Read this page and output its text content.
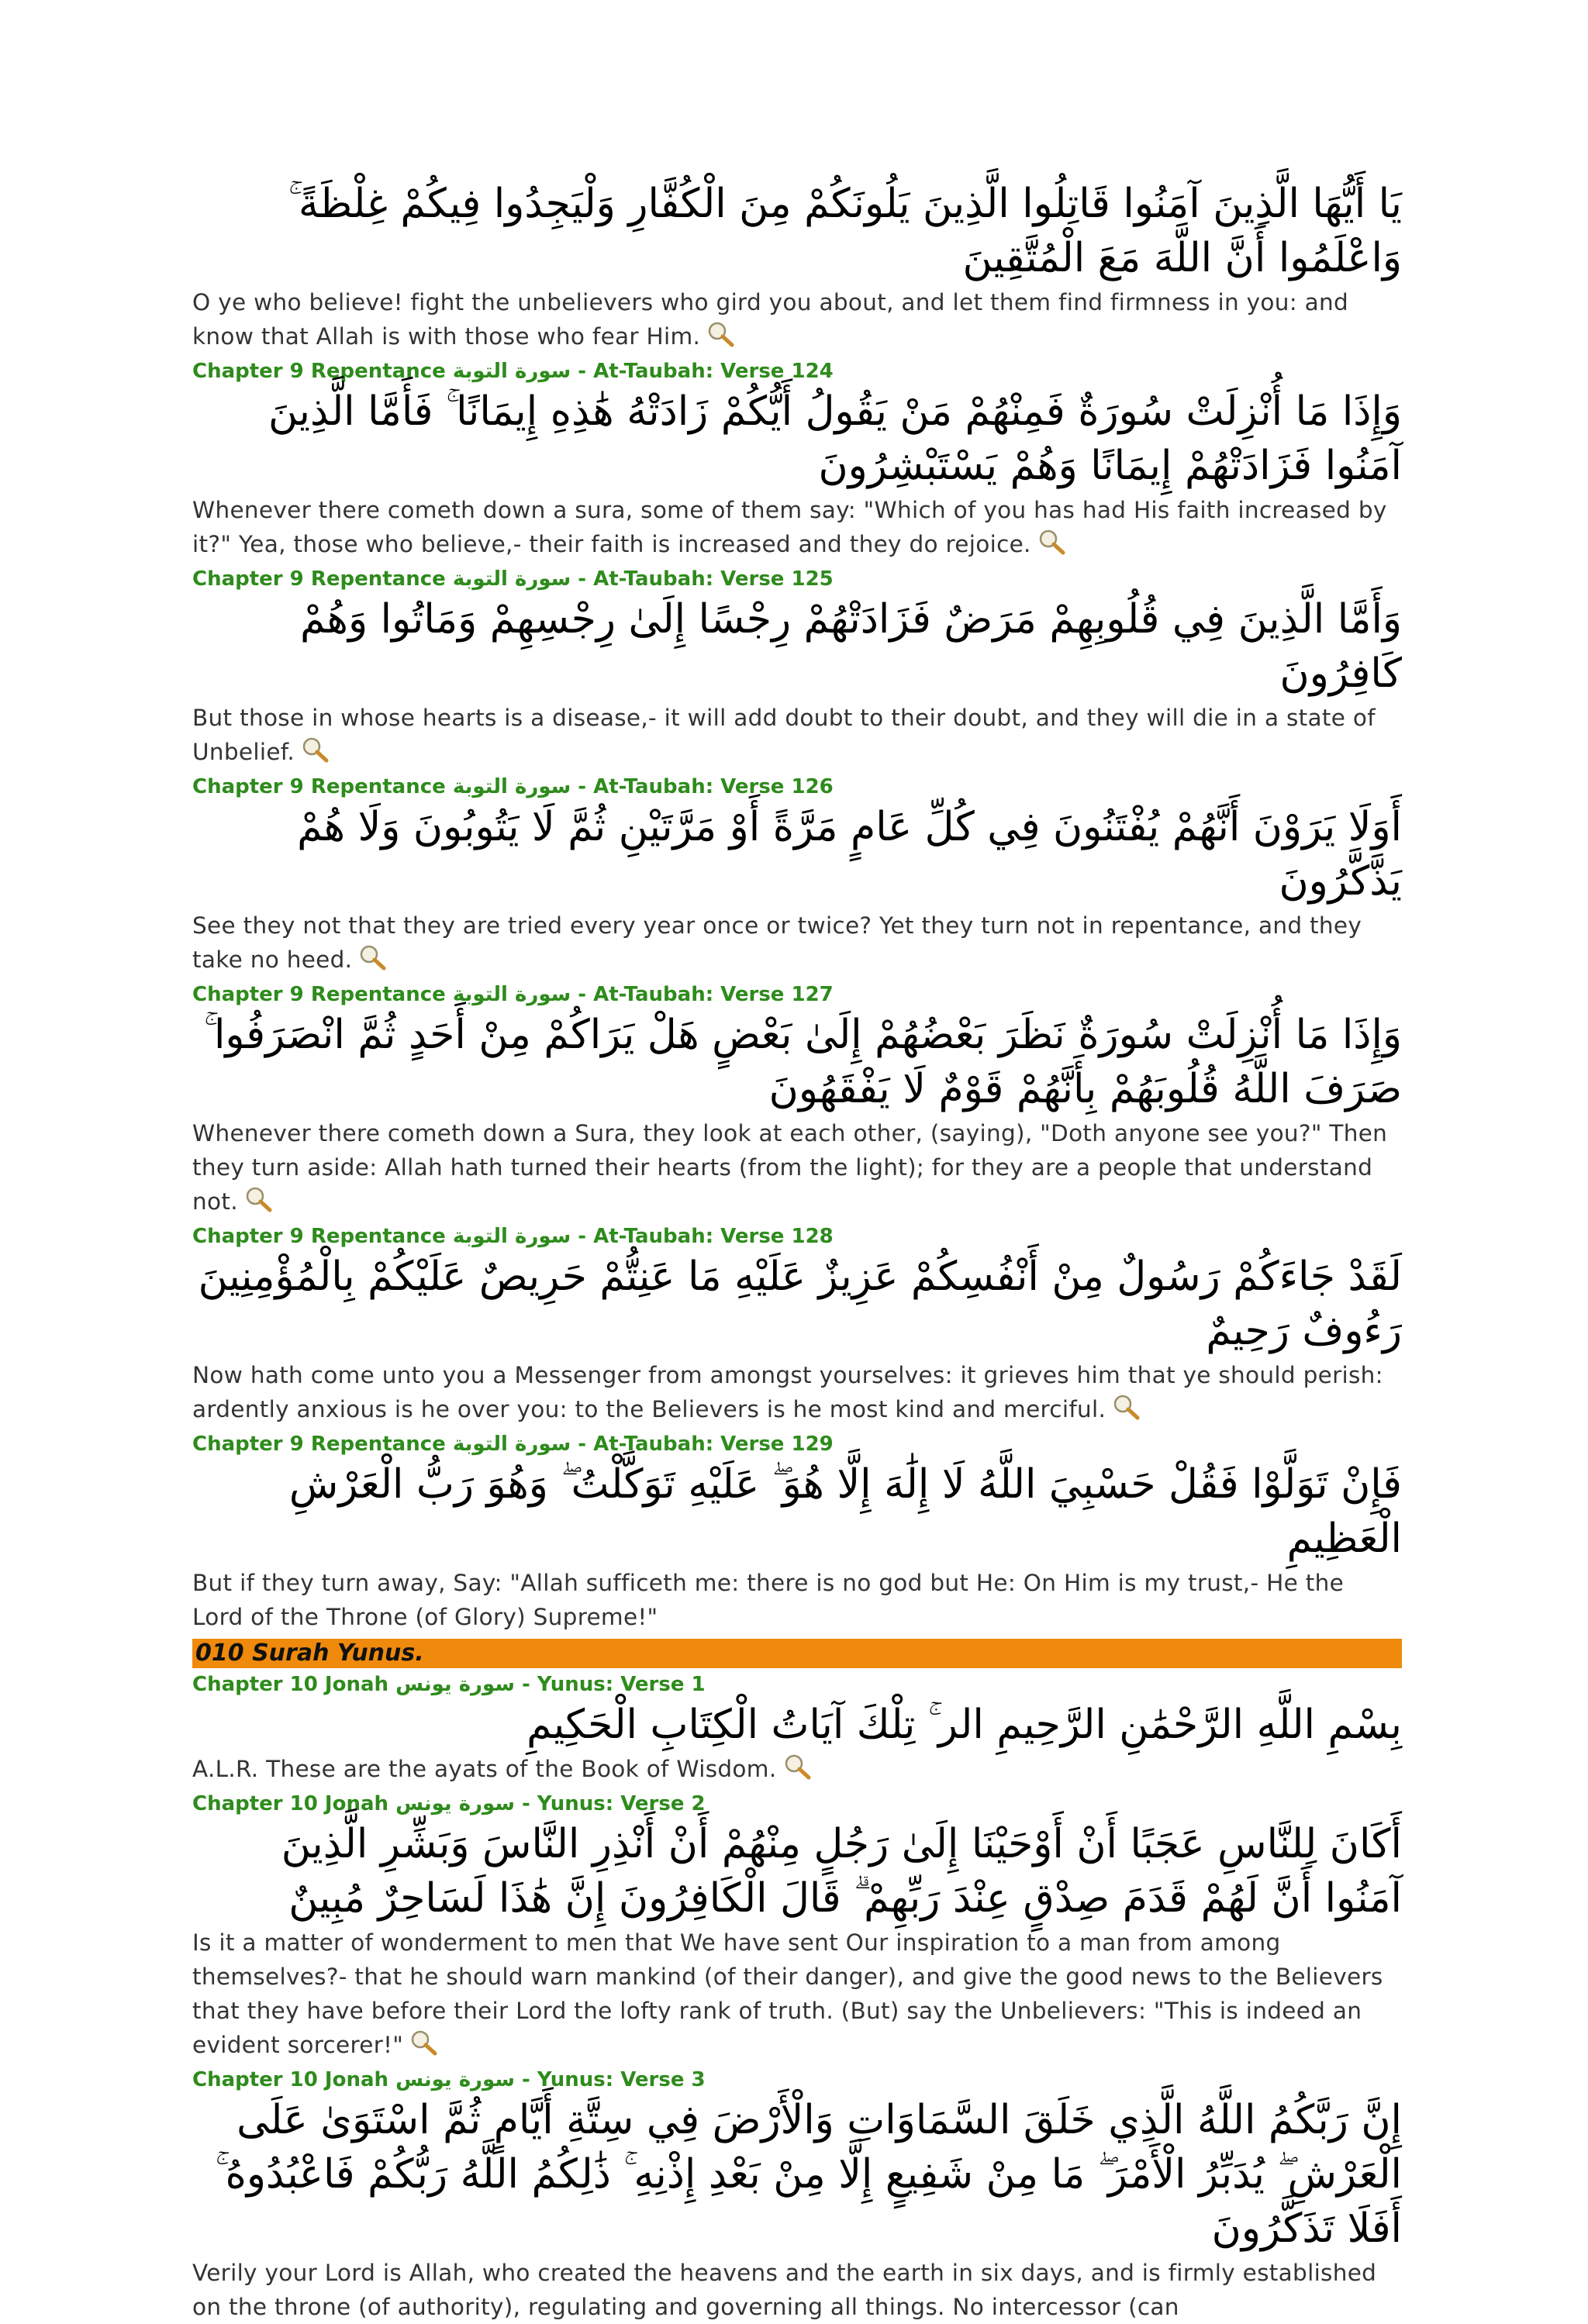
يَا أَيُّهَا الَّذِينَ آمَنُوا قَاتِلُوا الَّذِينَ يَلُونَكُمْ مِنَ الْكُفَّارِ وَلْيَجِدُوا فِيكُمْ غِلْظَةً ۚ وَاعْلَمُوا أَنَّ اللَّهَ مَعَ الْمُتَّقِينَ

O ye who believe! fight the unbelievers who gird you about, and let them find firmness in you: and know that Allah is with those who fear Him.

Chapter 9 Repentance سورة التوبة - At-Taubah: Verse 124

وَإِذَا مَا أُنْزِلَتْ سُورَةٌ فَمِنْهُمْ مَنْ يَقُولُ أَيُّكُمْ زَادَتْهُ هَٰذِهِ إِيمَانًا ۚ فَأَمَّا الَّذِينَ آمَنُوا فَزَادَتْهُمْ إِيمَانًا وَهُمْ يَسْتَبْشِرُونَ

Whenever there cometh down a sura, some of them say: "Which of you has had His faith increased by it?" Yea, those who believe,- their faith is increased and they do rejoice.

Chapter 9 Repentance سورة التوبة - At-Taubah: Verse 125

وَأَمَّا الَّذِينَ فِي قُلُوبِهِمْ مَرَضٌ فَزَادَتْهُمْ رِجْسًا إِلَىٰ رِجْسِهِمْ وَمَاتُوا وَهُمْ كَافِرُونَ

But those in whose hearts is a disease,- it will add doubt to their doubt, and they will die in a state of Unbelief.

Chapter 9 Repentance سورة التوبة - At-Taubah: Verse 126

أَوَلَا يَرَوْنَ أَنَّهُمْ يُفْتَنُونَ فِي كُلِّ عَامٍ مَرَّةً أَوْ مَرَّتَيْنِ ثُمَّ لَا يَتُوبُونَ وَلَا هُمْ يَذَّكَّرُونَ

See they not that they are tried every year once or twice? Yet they turn not in repentance, and they take no heed.

Chapter 9 Repentance سورة التوبة - At-Taubah: Verse 127

وَإِذَا مَا أُنْزِلَتْ سُورَةٌ نَظَرَ بَعْضُهُمْ إِلَىٰ بَعْضٍ هَلْ يَرَاكُمْ مِنْ أَحَدٍ ثُمَّ انْصَرَفُوا ۚ صَرَفَ اللَّهُ قُلُوبَهُمْ بِأَنَّهُمْ قَوْمٌ لَا يَفْقَهُونَ

Whenever there cometh down a Sura, they look at each other, (saying), "Doth anyone see you?" Then they turn aside: Allah hath turned their hearts (from the light); for they are a people that understand not.

Chapter 9 Repentance سورة التوبة - At-Taubah: Verse 128

لَقَدْ جَاءَكُمْ رَسُولٌ مِنْ أَنْفُسِكُمْ عَزِيزٌ عَلَيْهِ مَا عَنِتُّمْ حَرِيصٌ عَلَيْكُمْ بِالْمُؤْمِنِينَ رَءُوفٌ رَحِيمٌ

Now hath come unto you a Messenger from amongst yourselves: it grieves him that ye should perish: ardently anxious is he over you: to the Believers is he most kind and merciful.

Chapter 9 Repentance سورة التوبة - At-Taubah: Verse 129

فَإِنْ تَوَلَّوْا فَقُلْ حَسْبِيَ اللَّهُ لَا إِلَٰهَ إِلَّا هُوَ ۖ عَلَيْهِ تَوَكَّلْتُ ۖ وَهُوَ رَبُّ الْعَرْشِ الْعَظِيمِ

But if they turn away, Say: "Allah sufficeth me: there is no god but He: On Him is my trust,- He the Lord of the Throne (of Glory) Supreme!"

010 Surah Yunus.
Chapter 10 Jonah سورة يونس - Yunus: Verse 1

بِسْمِ اللَّهِ الرَّحْمَٰنِ الرَّحِيمِ الر ۚ تِلْكَ آيَاتُ الْكِتَابِ الْحَكِيمِ

A.L.R. These are the ayats of the Book of Wisdom.

Chapter 10 Jonah سورة يونس - Yunus: Verse 2

أَكَانَ لِلنَّاسِ عَجَبًا أَنْ أَوْحَيْنَا إِلَىٰ رَجُلٍ مِنْهُمْ أَنْ أَنْذِرِ النَّاسَ وَبَشِّرِ الَّذِينَ آمَنُوا أَنَّ لَهُمْ قَدَمَ صِدْقٍ عِنْدَ رَبِّهِمْ ۗ قَالَ الْكَافِرُونَ إِنَّ هَٰذَا لَسَاحِرٌ مُبِينٌ

Is it a matter of wonderment to men that We have sent Our inspiration to a man from among themselves?- that he should warn mankind (of their danger), and give the good news to the Believers that they have before their Lord the lofty rank of truth. (But) say the Unbelievers: "This is indeed an evident sorcerer!"

Chapter 10 Jonah سورة يونس - Yunus: Verse 3

إِنَّ رَبَّكُمُ اللَّهُ الَّذِي خَلَقَ السَّمَاوَاتِ وَالْأَرْضَ فِي سِتَّةِ أَيَّامٍ ثُمَّ اسْتَوَىٰ عَلَى الْعَرْشِ ۖ يُدَبِّرُ الْأَمْرَ ۖ مَا مِنْ شَفِيعٍ إِلَّا مِنْ بَعْدِ إِذْنِهِ ۚ ذَٰلِكُمُ اللَّهُ رَبُّكُمْ فَاعْبُدُوهُ ۚ أَفَلَا تَذَكَّرُونَ

Verily your Lord is Allah, who created the heavens and the earth in six days, and is firmly established on the throne (of authority), regulating and governing all things. No intercessor (can
